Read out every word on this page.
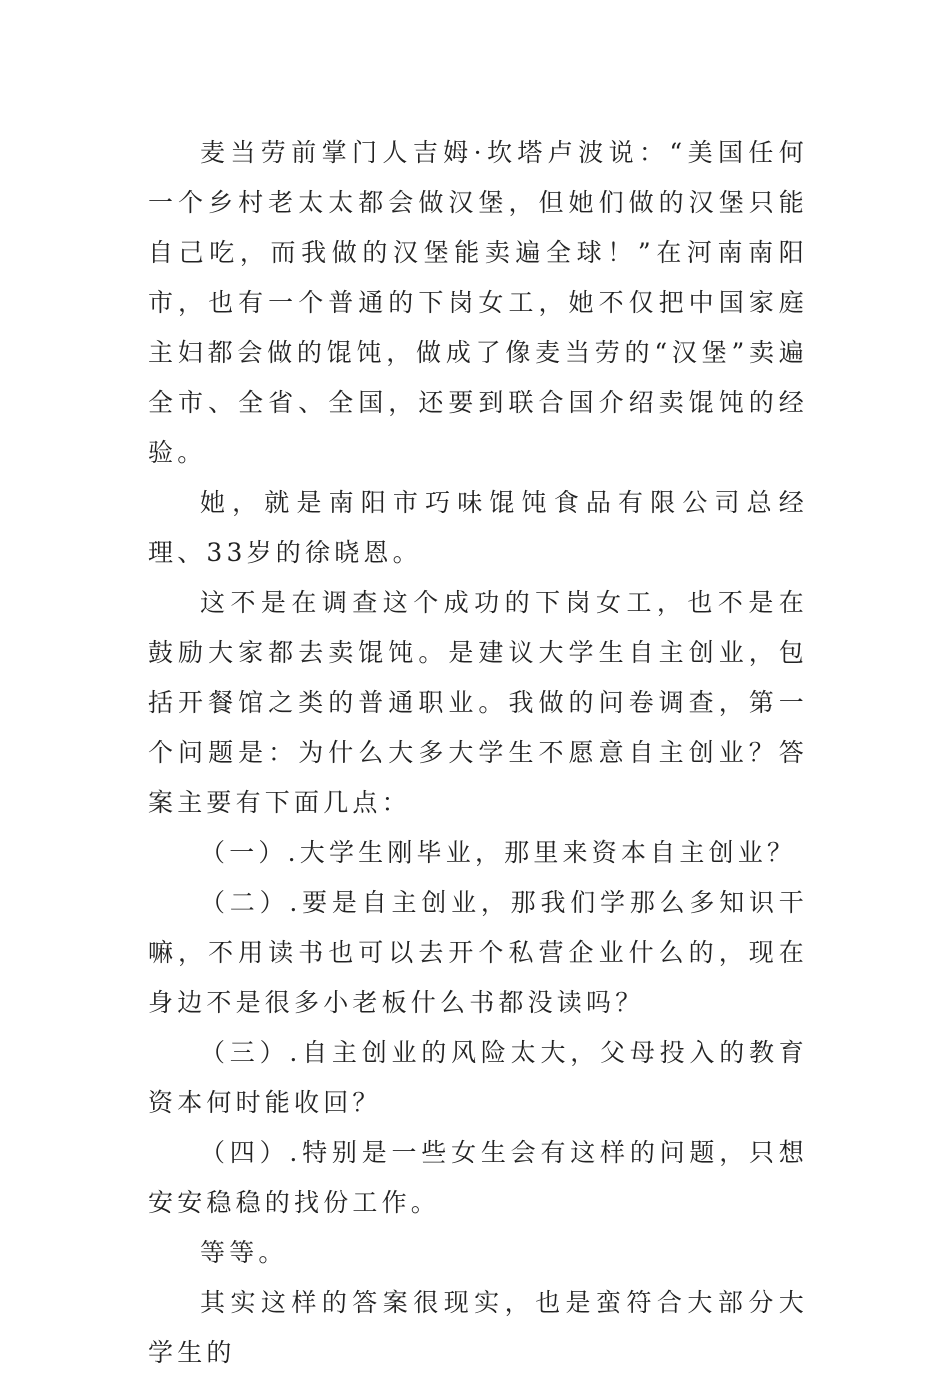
麦当劳前掌门人吉姆·坎塔卢波说：“美国任何一个乡村老太太都会做汉堡，但她们做的汉堡只能自己吃，而我做的汉堡能卖遍全球！”在河南南阳市，也有一个普通的下岗女工，她不仅把中国家庭主妇都会做的馄饨，做成了像麦当劳的“汉堡”卖遍全市、全省、全国，还要到联合国介绍卖馄饨的经验。

她，就是南阳市巧味馄饨食品有限公司总经理、33岁的徐晓恩。

这不是在调查这个成功的下岗女工，也不是在鼓励大家都去卖馄饨。是建议大学生自主创业，包括开餐馆之类的普通职业。我做的问卷调查，第一个问题是：为什么大多大学生不愿意自主创业？答案主要有下面几点：

（一）.大学生刚毕业，那里来资本自主创业？

（二）.要是自主创业，那我们学那么多知识干嘛，不用读书也可以去开个私营企业什么的，现在身边不是很多小老板什么书都没读吗？

（三）.自主创业的风险太大，父母投入的教育资本何时能收回？

（四）.特别是一些女生会有这样的问题，只想安安稳稳的找份工作。

等等。

其实这样的答案很现实，也是蛮符合大部分大学生的
